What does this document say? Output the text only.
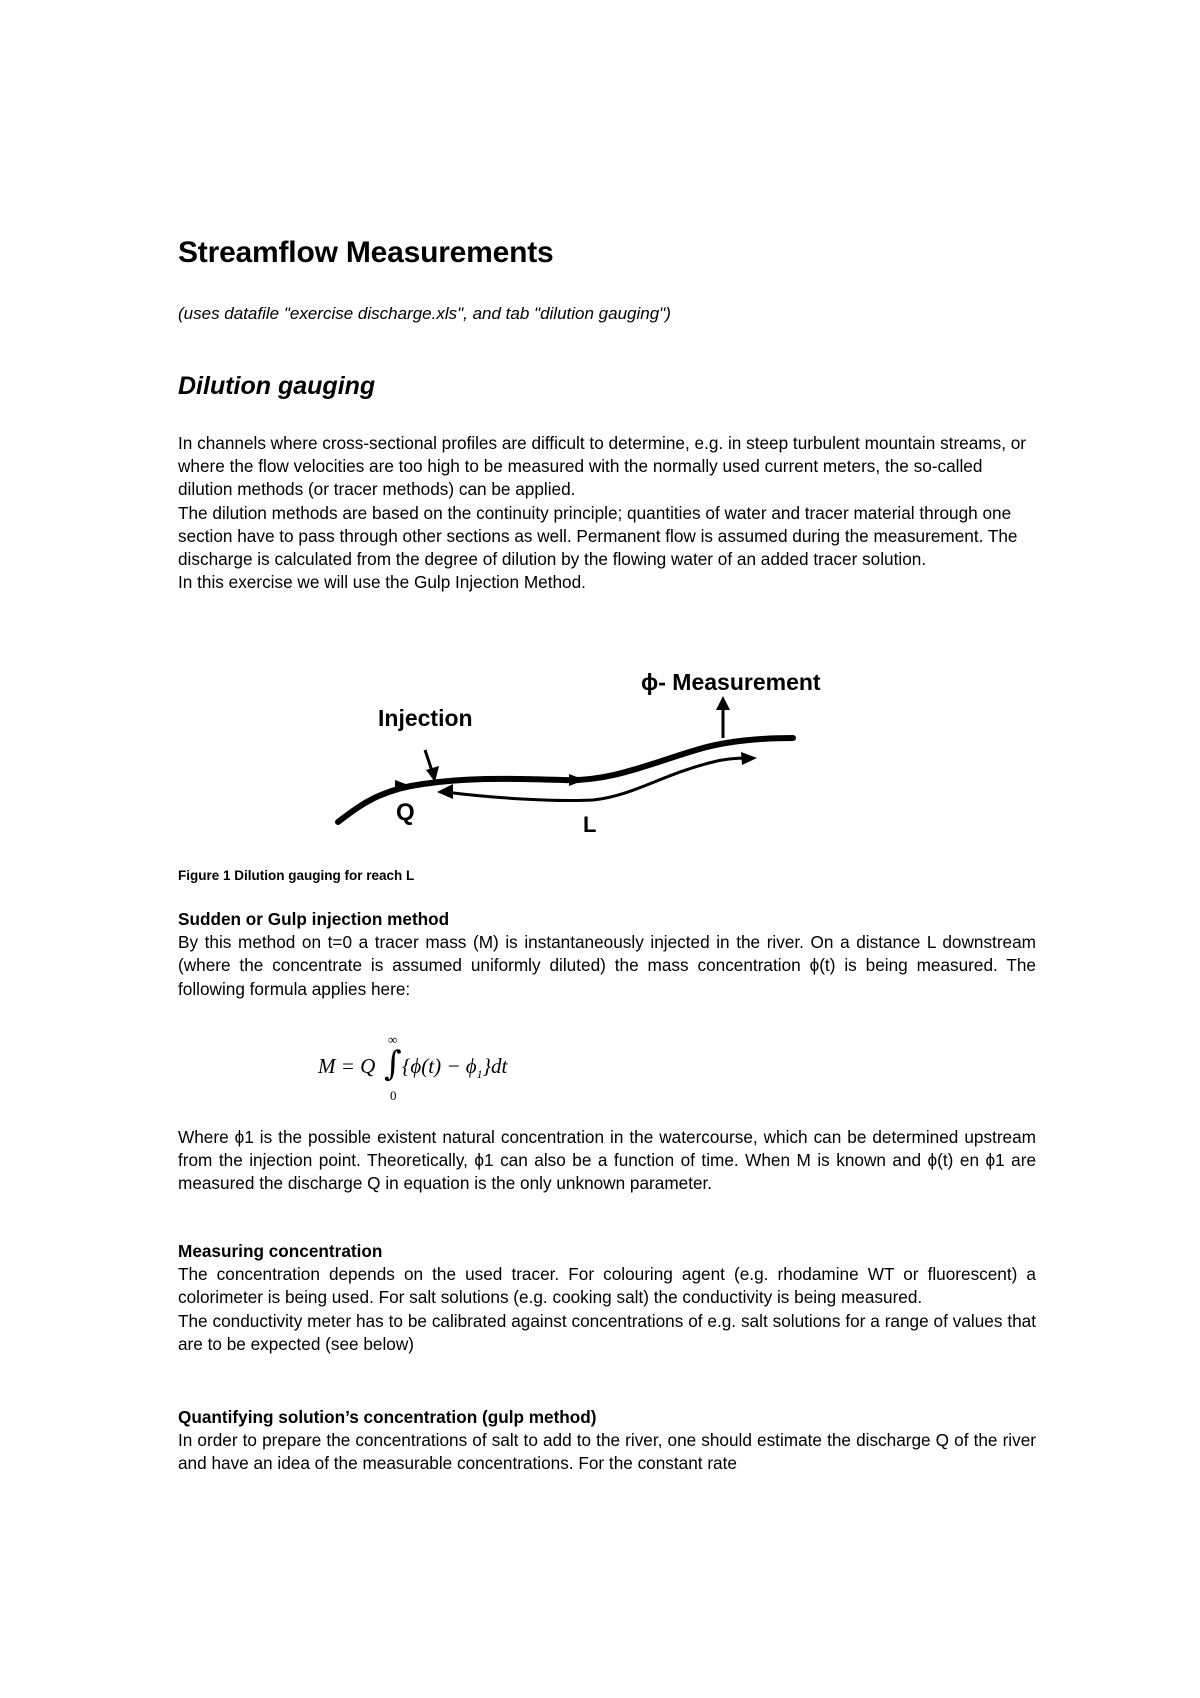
Streamflow Measurements

(uses datafile "exercise discharge.xls", and tab "dilution gauging")

Dilution gauging

In channels where cross-sectional profiles are difficult to determine, e.g. in steep turbulent mountain streams, or where the flow velocities are too high to be measured with the normally used current meters, the so-called dilution methods (or tracer methods) can be applied.

The dilution methods are based on the continuity principle; quantities of water and tracer material through one section have to pass through other sections as well. Permanent flow is assumed during the measurement. The discharge is calculated from the degree of dilution by the flowing water of an added tracer solution.

In this exercise we will use the Gulp Injection Method.

Injection
ϕ- Measurement
Q	L

Figure 1 Dilution gauging for reach L

Sudden or Gulp injection method

By this method on t=0 a tracer mass (M) is instantaneously injected in the river. On a distance L downstream (where the concentrate is assumed uniformly diluted) the mass concentration ϕ(t) is being measured. The following formula applies here:

∞
M = Q ∫ $\{\phi(t) - \phi_1\}dt$
0

Where ϕ1 is the possible existent natural concentration in the watercourse, which can be determined upstream from the injection point. Theoretically, ϕ1 can also be a function of time. When M is known and ϕ(t) en ϕ1 are measured the discharge Q in equation is the only unknown parameter.

Measuring concentration

The concentration depends on the used tracer. For colouring agent (e.g. rhodamine WT or fluorescent) a colorimeter is being used. For salt solutions (e.g. cooking salt) the conductivity is being measured.

The conductivity meter has to be calibrated against concentrations of e.g. salt solutions for a range of values that are to be expected (see below)

Quantifying solution’s concentration (gulp method)

In order to prepare the concentrations of salt to add to the river, one should estimate the discharge Q of the river and have an idea of the measurable concentrations. For the constant rate
